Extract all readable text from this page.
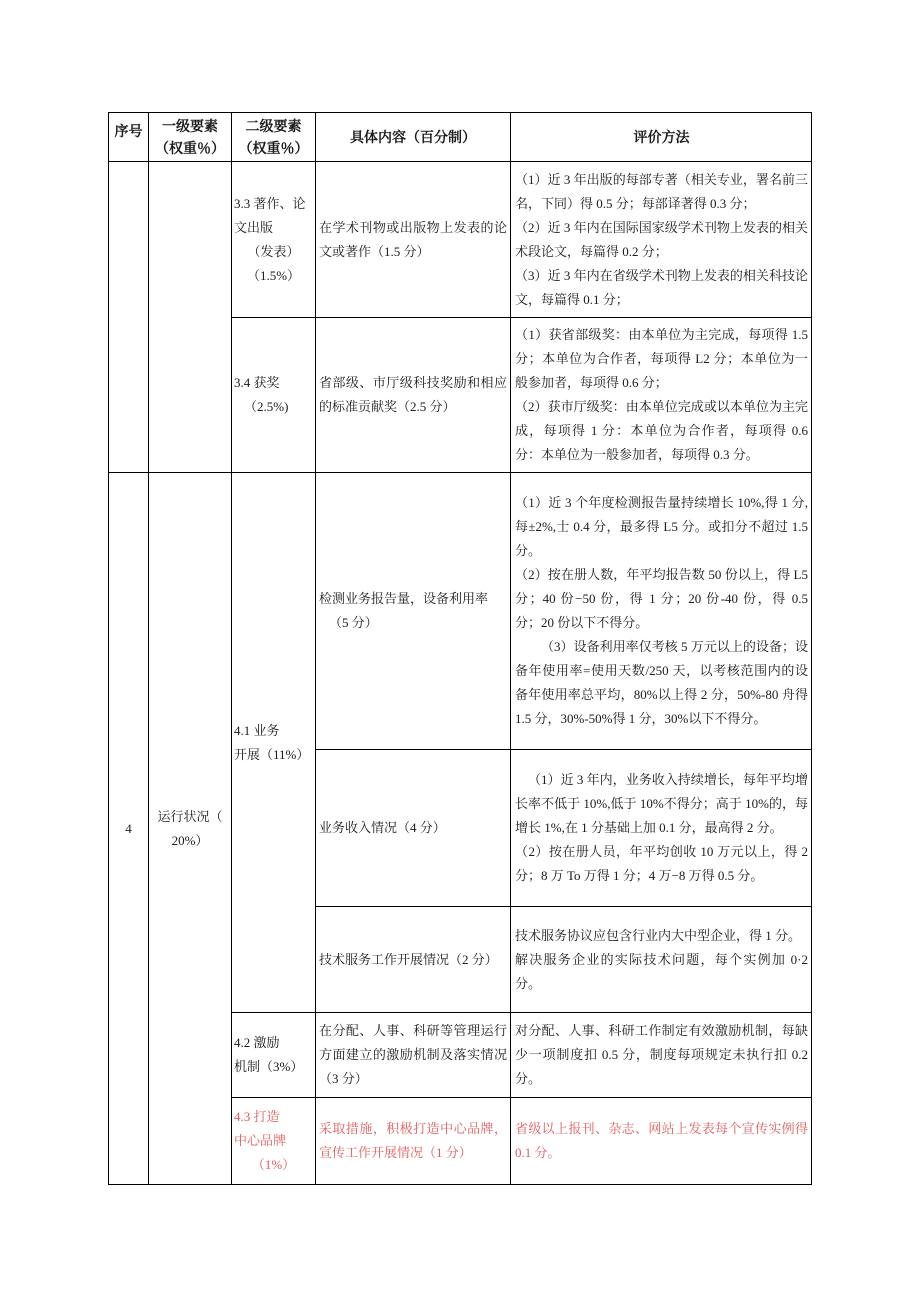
序号 一级要素
（权重％）
二级要素
（权重％）
具体内容（百分制）	评价方法
3.3 著作、论
文出版
（发表）
（1.5%）
在学术刊物或出版物上发表的论文或著作（1.5 分）
（1）近 3 年出版的每部专著（相关专业，署名前三名，下同）得 0.5 分；每部译著得 0.3 分；
（2）近 3 年内在国际国家级学术刊物上发表的相关术段论文，每篇得 0.2 分；
（3）近 3 年内在省级学术刊物上发表的相关科技论文，每篇得 0.1 分；
3.4 获奖
（2.5%)
省部级、市厅级科技奖励和相应的标准贡献奖（2.5 分）
（1）获省部级奖：由本单位为主完成，每项得 1.5 分；本单位为合作者，每项得 L2 分；本单位为一般参加者，每项得 0.6 分；
（2）获市厅级奖：由本单位完成或以本单位为主完成，每项得 1 分：本单位为合作者，每项得 0.6 分：本单位为一般参加者，每项得 0.3 分。
4
运行状况（
20%）
4.1 业务
开展（11%）
检测业务报告量，设备利用率
（5 分）
（1）近 3 个年度检测报告量持续增长 10%,得 1 分,每±2%,士 0.4 分，最多得 L5 分。或扣分不超过 1.5 分。
（2）按在册人数，年平均报告数 50 份以上，得 L5 分；40 份−50 份，得 1 分；20 份-40 份，得 0.5 分；20 份以下不得分。
（3）设备利用率仅考核 5 万元以上的设备；设备年使用率=使用天数/250 天，以考核范围内的设备年使用率总平均，80%以上得 2 分，50%-80 舟得 1.5 分，30%-50%得 1 分，30%以下不得分。
业务收入情况（4 分）
（1）近 3 年内，业务收入持续增长，每年平均增长率不低于 10%,低于 10%不得分；高于 10%的，每增长 1%,在 1 分基础上加 0.1 分，最高得 2 分。
（2）按在册人员，年平均创收 10 万元以上，得 2 分；8 万 To 万得 1 分；4 万−8 万得 0.5 分。
技术服务工作开展情况（2 分）
技术服务协议应包含行业内大中型企业，得 1 分。
解决服务企业的实际技术问题，每个实例加 0·2 分。
4.2 激励
机制（3%）
在分配、人事、科研等管理运行方面建立的激励机制及落实情况（3 分）
对分配、人事、科研工作制定有效激励机制，每缺少一项制度扣 0.5 分，制度每项规定未执行扣 0.2 分。
4.3 打造
中心品牌
（1%）
采取措施，积极打造中心品牌，宣传工作开展情况（1 分）
省级以上报刊、杂志、网站上发表每个宣传实例得 0.1 分。
